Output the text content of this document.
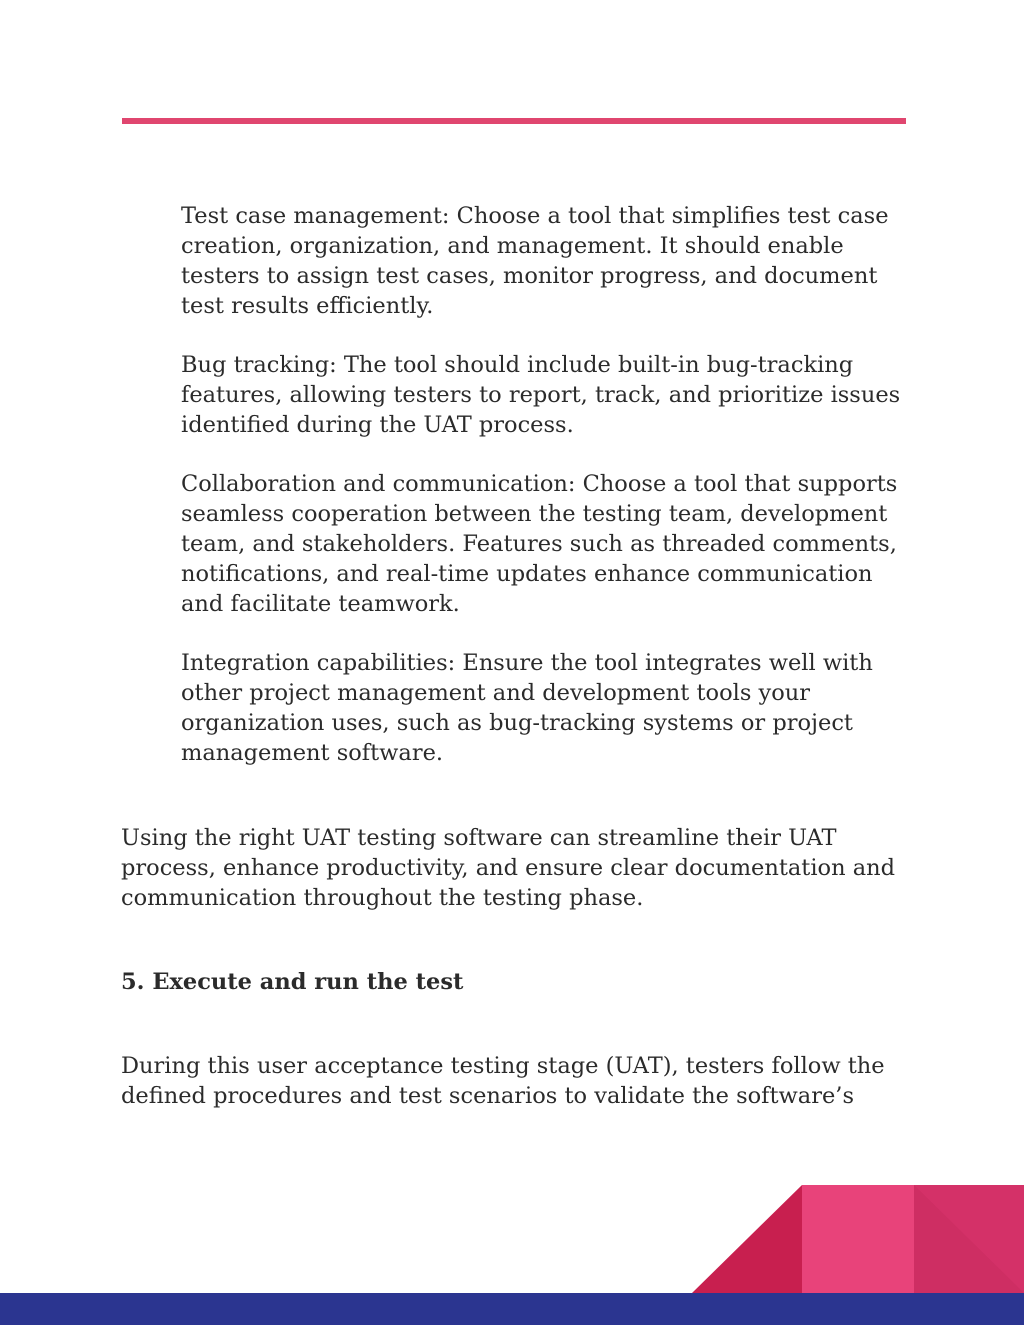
Test case management: Choose a tool that simplifies test case creation, organization, and management. It should enable testers to assign test cases, monitor progress, and document test results efficiently.

Bug tracking: The tool should include built-in bug-tracking features, allowing testers to report, track, and prioritize issues identified during the UAT process.

Collaboration and communication: Choose a tool that supports seamless cooperation between the testing team, development team, and stakeholders. Features such as threaded comments, notifications, and real-time updates enhance communication and facilitate teamwork.

Integration capabilities: Ensure the tool integrates well with other project management and development tools your organization uses, such as bug-tracking systems or project management software.

Using the right UAT testing software can streamline their UAT process, enhance productivity, and ensure clear documentation and communication throughout the testing phase.

5. Execute and run the test

During this user acceptance testing stage (UAT), testers follow the defined procedures and test scenarios to validate the software’s
